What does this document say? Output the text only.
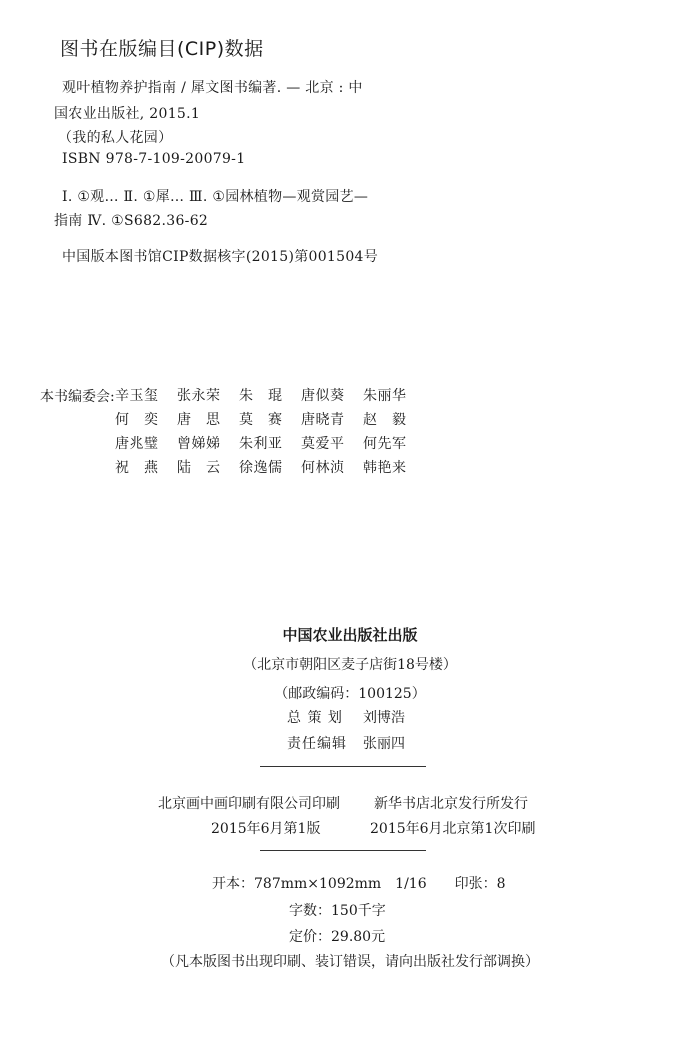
图书在版编目(CIP)数据
观叶植物养护指南 / 犀文图书编著. — 北京 : 中
国农业出版社, 2015.1
（我的私人花园）
ISBN 978-7-109-20079-1
Ⅰ. ①观… Ⅱ. ①犀… Ⅲ. ①园林植物—观赏园艺—
指南 Ⅳ. ①S682.36-62
中国版本图书馆CIP数据核字(2015)第001504号
本书编委会: 辛玉玺	张永荣	朱　琨	唐似葵	朱丽华
何　奕	唐　思	莫　赛	唐晓青	赵　毅
唐兆璧	曾娣娣	朱利亚	莫爱平	何先军
祝　燕	陆　云	徐逸儒	何林浈	韩艳来
中国农业出版社出版
（北京市朝阳区麦子店街18号楼）
（邮政编码：100125）
总 策 划 刘博浩
责任编辑 张丽四
北京画中画印刷有限公司印刷 新华书店北京发行所发行
2015年6月第1版	2015年6月北京第1次印刷
开本：787mm×1092mm　1/16　　印张：8
字数：150千字
定价：29.80元
（凡本版图书出现印刷、装订错误，请向出版社发行部调换）
